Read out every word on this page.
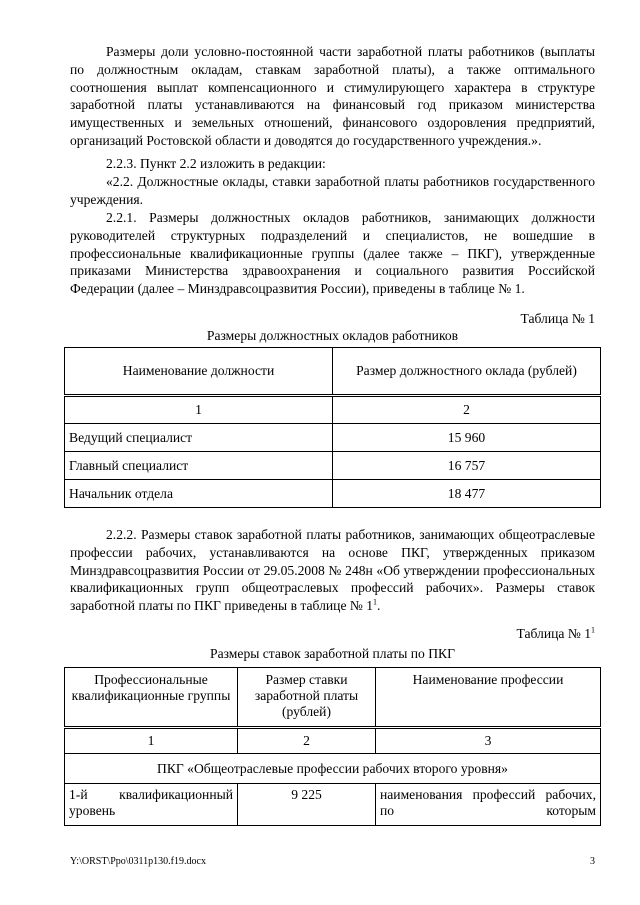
Размеры доли условно-постоянной части заработной платы работников (выплаты по должностным окладам, ставкам заработной платы), а также оптимального соотношения выплат компенсационного и стимулирующего характера в структуре заработной платы устанавливаются на финансовый год приказом министерства имущественных и земельных отношений, финансового оздоровления предприятий, организаций Ростовской области и доводятся до государственного учреждения.».

2.2.3. Пункт 2.2 изложить в редакции:

«2.2. Должностные оклады, ставки заработной платы работников государственного учреждения.

2.2.1. Размеры должностных окладов работников, занимающих должности руководителей структурных подразделений и специалистов, не вошедшие в профессиональные квалификационные группы (далее также – ПКГ), утвержденные приказами Министерства здравоохранения и социального развития Российской Федерации (далее – Минздравсоцразвития России), приведены в таблице № 1.

Таблица № 1
Размеры должностных окладов работников
Наименование должности	Размер должностного оклада (рублей)
1	2
Ведущий специалист	15 960
Главный специалист	16 757
Начальник отдела	18 477

2.2.2. Размеры ставок заработной платы работников, занимающих общеотраслевые профессии рабочих, устанавливаются на основе ПКГ, утвержденных приказом Минздравсоцразвития России от 29.05.2008 № 248н «Об утверждении профессиональных квалификационных групп общеотраслевых профессий рабочих». Размеры ставок заработной платы по ПКГ приведены в таблице № $1^1$.

Таблица № $1^1$
Размеры ставок заработной платы по ПКГ
Профессиональные квалификационные группы	Размер ставки заработной платы (рублей)	Наименование профессии
1	2	3
ПКГ «Общеотраслевые профессии рабочих второго уровня»		
1-й квалификационный уровень	9 225	наименования профессий рабочих, по которым
Y:\ORST\Ppo\0311p130.f19.docx	3
